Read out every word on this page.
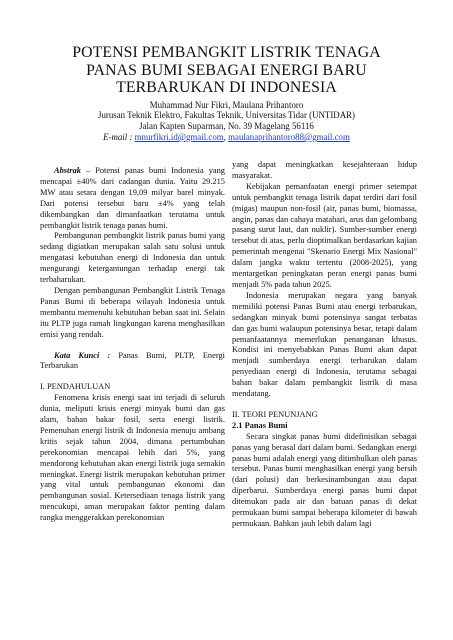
POTENSI PEMBANGKIT LISTRIK TENAGA
PANAS BUMI SEBAGAI ENERGI BARU
TERBARUKAN DI INDONESIA

Muhammad Nur Fikri, Maulana Prihantoro

Jurusan Teknik Elektro, Fakultas Teknik, Universitas Tidar (UNTIDAR)

Jalan Kapten Suparman, No. 39 Magelang 56116

E-mail : mnurfikri.id@gmail.com, maulanaprihantoro88@gmail.com

Abstrak – Potensi panas bumi Indonesia yang mencapai ±40% dari cadangan dunia. Yaitu 29.215 MW atau setara dengan 19,09 milyar barel minyak. Dari potensi tersebut baru ±4% yang telah dikembangkan dan dimanfaatkan terutama untuk pembangkit listrik tenaga panas bumi.

Pembangunan pembangkit listrik panas bumi yang sedang digiatkan merupakan salah satu solusi untuk mengatasi kebutuhan energi di Indonesia dan untuk mengurangi ketergantungan terhadap energi tak terbaharukan.

Dengan pembangunan Pembangkit Listrik Tenaga Panas Bumi di beberapa wilayah Indonesia untuk membantu memenuhi kebutuhan beban saat ini. Selain itu PLTP juga ramah lingkungan karena menghasilkan emisi yang rendah.

Kata Kunci : Panas Bumi, PLTP, Energi Terbarukan

I. PENDAHULUAN

Fenomena krisis energi saat ini terjadi di seluruh dunia, meliputi krisis energi minyak bumi dan gas alam, bahan bakar fosil, serta energi listrik. Pemenuhan energi listrik di Indonesia menuju ambang kritis sejak tahun 2004, dimana pertumbuhan perekonomian mencapai lebih dari 5%, yang mendorong kebutuhan akan energi listrik juga semakin meningkat. Energi listrik merupakan kebutuhan primer yang vital untuk pembangunan ekonomi dan pembangunan sosial. Ketersediaan tenaga listrik yang mencukupi, aman merupakan faktor penting dalam rangka menggerakkan perekonomian

yang dapat meningkatkan kesejahteraan hidup masyarakat.

Kebijakan pemanfaatan energi primer setempat untuk pembangkit tenaga listrik dapat terdiri dari fosil (migas) maupun non-fosil (air, panas bumi, biomassa, angin, panas dan cahaya matahari, arus dan gelombang pasang surut laut, dan nuklir). Sumber-sumber energi tersebut di atas, perlu dioptimalkan berdasarkan kajian pemerintah mengenai "Skenario Energi Mix Nasional" dalam jangka waktu tertentu (2008-2025), yang mentargetkan peningkatan peran energi panas bumi menjadi 5% pada tahun 2025.

Indonesia merupakan negara yang banyak memiliki potensi Panas Bumi atau energi terbarukan, sedangkan minyak bumi potensinya sangat terbatas dan gas bumi walaupun potensinya besar, tetapi dalam pemanfaatannya memerlukan penanganan khusus. Kondisi ini menyebabkan Panas Bumi akan dapat menjadi sumberdaya energi terbarukan dalam penyediaan energi di Indonesia, terutama sebagai bahan bakar dalam pembangkit listrik di masa mendatang.

II. TEORI PENUNJANG

2.1 Panas Bumi

Secara singkat panas bumi didefinisikan sebagai panas yang berasal dari dalam bumi. Sedangkan energi panas bumi adalah energi yang ditimbulkan oleh panas tersebut. Panas bumi menghasilkan energi yang bersih (dari polusi) dan berkesinambungan atau dapat diperbarui. Sumberdaya energi panas bumi dapat ditemukan pada air dan batuan panas di dekat permukaan bumi sampai beberapa kilometer di bawah permukaan. Bahkan jauh lebih dalam lagi
